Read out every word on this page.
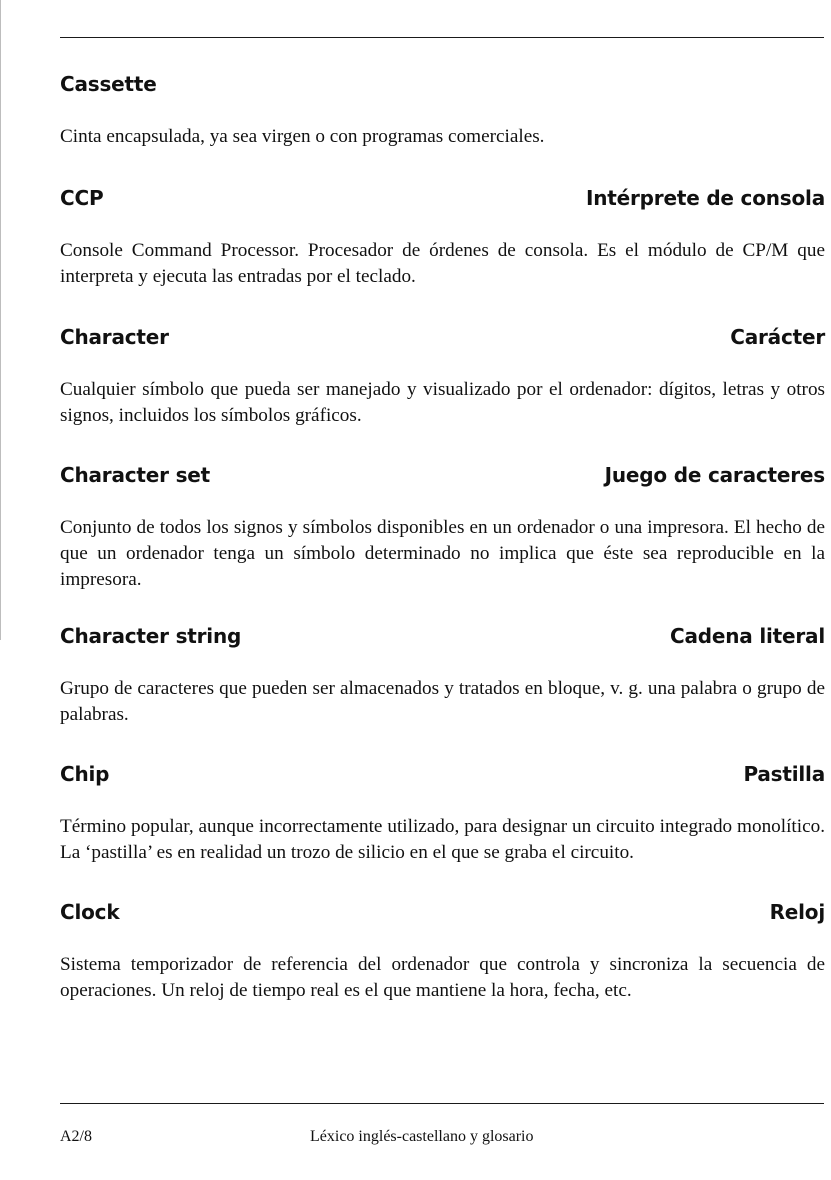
Cassette

Cinta encapsulada, ya sea virgen o con programas comerciales.

CCP	Intérprete de consola

Console Command Processor. Procesador de órdenes de consola. Es el módulo de CP/M que interpreta y ejecuta las entradas por el teclado.

Character	Carácter

Cualquier símbolo que pueda ser manejado y visualizado por el ordenador: dígitos, letras y otros signos, incluidos los símbolos gráficos.

Character set	Juego de caracteres

Conjunto de todos los signos y símbolos disponibles en un ordenador o una impresora. El hecho de que un ordenador tenga un símbolo determinado no implica que éste sea reproducible en la impresora.

Character string	Cadena literal

Grupo de caracteres que pueden ser almacenados y tratados en bloque, v. g. una palabra o grupo de palabras.

Chip	Pastilla

Término popular, aunque incorrectamente utilizado, para designar un circuito integrado monolítico. La ‘pastilla’ es en realidad un trozo de silicio en el que se graba el circuito.

Clock	Reloj

Sistema temporizador de referencia del ordenador que controla y sincroniza la secuencia de operaciones. Un reloj de tiempo real es el que mantiene la hora, fecha, etc.

A2/8	Léxico inglés-castellano y glosario
